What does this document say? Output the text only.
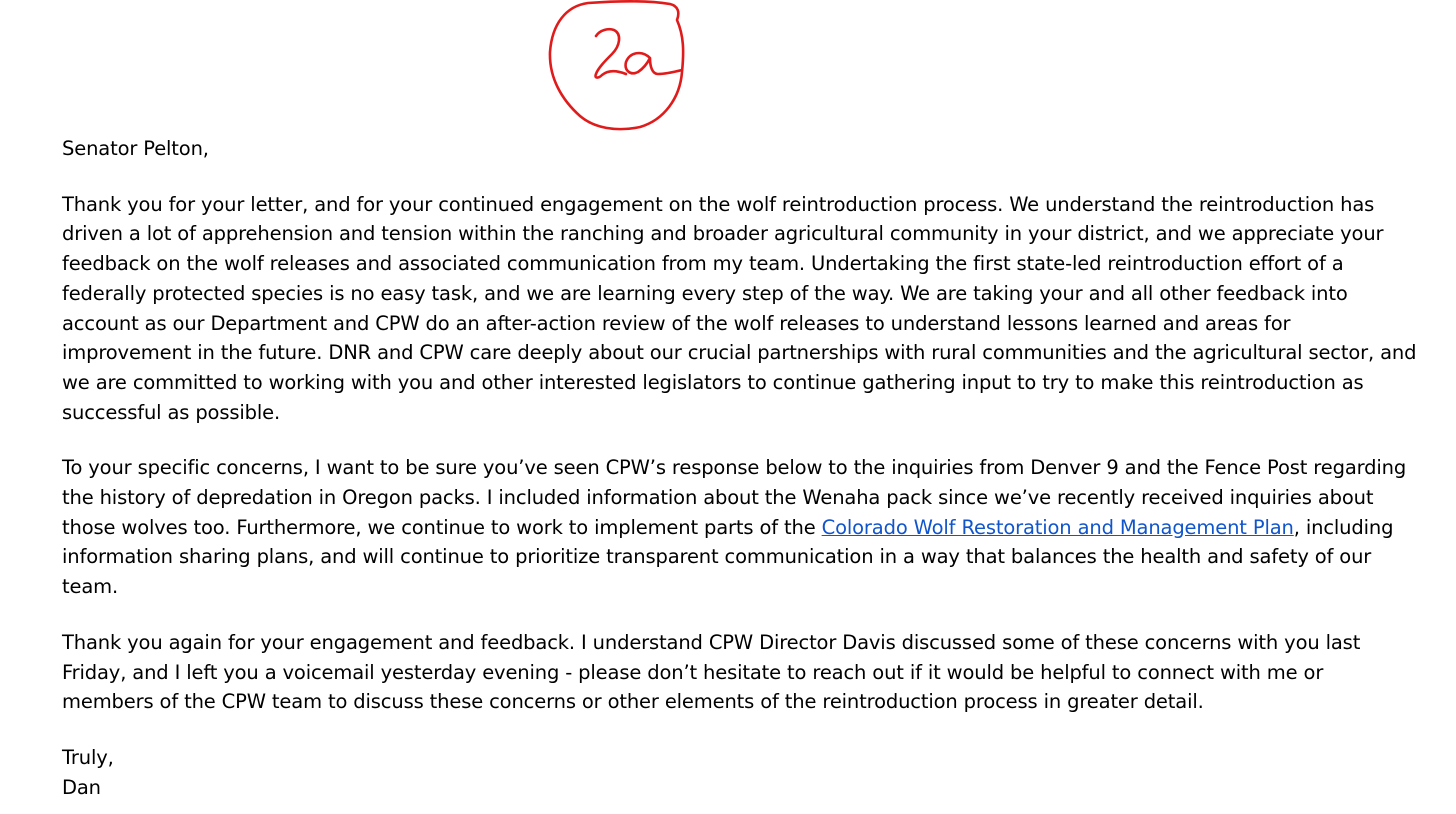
Senator Pelton,

Thank you for your letter, and for your continued engagement on the wolf reintroduction process. We understand the reintroduction has driven a lot of apprehension and tension within the ranching and broader agricultural community in your district, and we appreciate your feedback on the wolf releases and associated communication from my team. Undertaking the first state-led reintroduction effort of a federally protected species is no easy task, and we are learning every step of the way. We are taking your and all other feedback into account as our Department and CPW do an after-action review of the wolf releases to understand lessons learned and areas for improvement in the future. DNR and CPW care deeply about our crucial partnerships with rural communities and the agricultural sector, and we are committed to working with you and other interested legislators to continue gathering input to try to make this reintroduction as successful as possible.

To your specific concerns, I want to be sure you’ve seen CPW’s response below to the inquiries from Denver 9 and the Fence Post regarding the history of depredation in Oregon packs. I included information about the Wenaha pack since we’ve recently received inquiries about those wolves too. Furthermore, we continue to work to implement parts of the Colorado Wolf Restoration and Management Plan, including information sharing plans, and will continue to prioritize transparent communication in a way that balances the health and safety of our team.

Thank you again for your engagement and feedback. I understand CPW Director Davis discussed some of these concerns with you last Friday, and I left you a voicemail yesterday evening - please don’t hesitate to reach out if it would be helpful to connect with me or members of the CPW team to discuss these concerns or other elements of the reintroduction process in greater detail.

Truly,

Dan
